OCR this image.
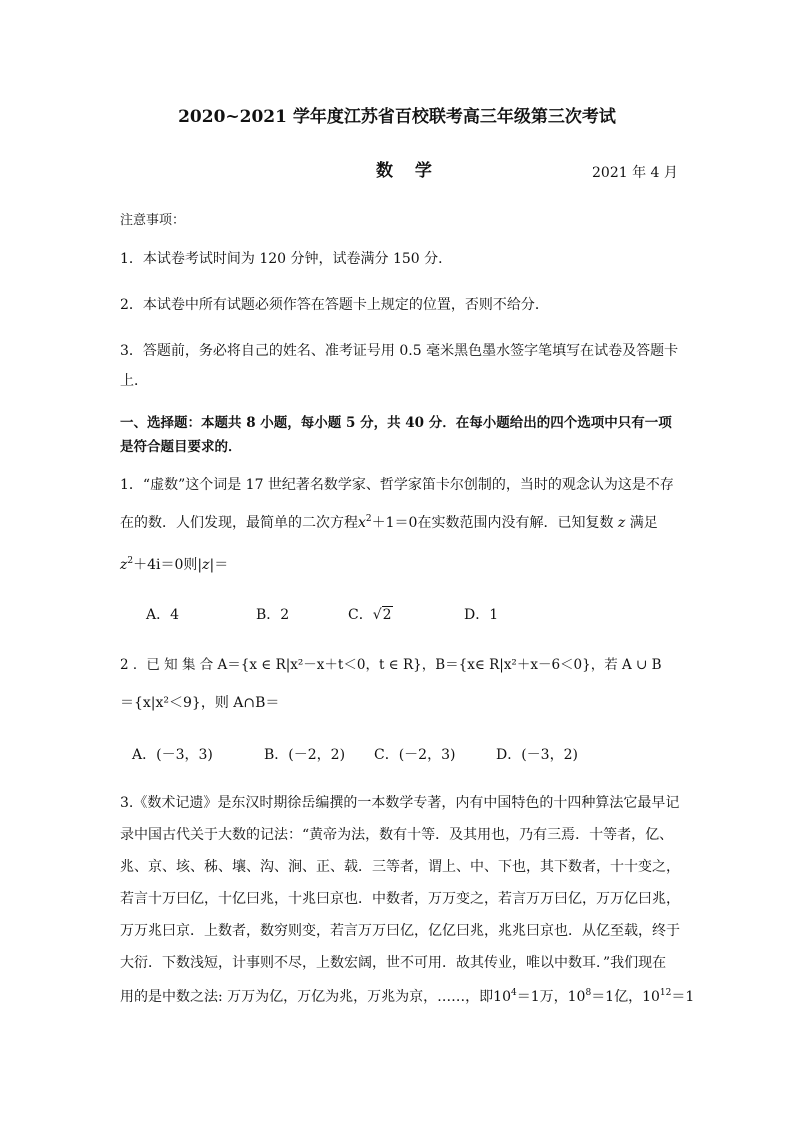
2020~2021 学年度江苏省百校联考高三年级第三次考试
数 学	2021 年 4 月
注意事项：
1．本试卷考试时间为 120 分钟，试卷满分 150 分．
2．本试卷中所有试题必须作答在答题卡上规定的位置，否则不给分．
3．答题前，务必将自己的姓名、准考证号用 0.5 毫米黑色墨水签字笔填写在试卷及答题卡
上．
一、选择题：本题共 8 小题，每小题 5 分，共 40 分．在每小题给出的四个选项中只有一项
是符合题目要求的．
1．“虚数”这个词是 17 世纪著名数学家、哲学家笛卡尔创制的，当时的观念认为这是不存
在的数．人们发现，最简单的二次方程$x^2+1=0$在实数范围内没有解．已知复数 z 满足
$z^2+4i=0$则|z|＝
A．4	B．2	C．√2	D．1
2 ．已 知 集 合 A＝{x ∈ R|x²－x＋t＜0，t ∈ R}，B＝{x∈ R|x²＋x－6＜0}，若 A ∪ B
＝{x|x²＜9}，则 A∩B＝
A．(－3，3)	B．(－2，2) C．(－2，3)	D．(－3，2)
3.《数术记遗》是东汉时期徐岳编撰的一本数学专著，内有中国特色的十四种算法它最早记
录中国古代关于大数的记法：“黄帝为法，数有十等．及其用也，乃有三焉．十等者，亿、
兆、京、垓、秭、壤、沟、涧、正、载．三等者，谓上、中、下也，其下数者，十十变之，
若言十万曰亿，十亿曰兆，十兆曰京也．中数者，万万变之，若言万万曰亿，万万亿曰兆，
万万兆曰京．上数者，数穷则变，若言万万曰亿，亿亿曰兆，兆兆曰京也．从亿至载，终于
大衍．下数浅短，计事则不尽，上数宏阔，世不可用．故其传业，唯以中数耳．”我们现在
用的是中数之法: 万万为亿，万亿为兆，万兆为京，……，即$10^4=1$万，$10^8=1$亿，$10^{12}=1$
